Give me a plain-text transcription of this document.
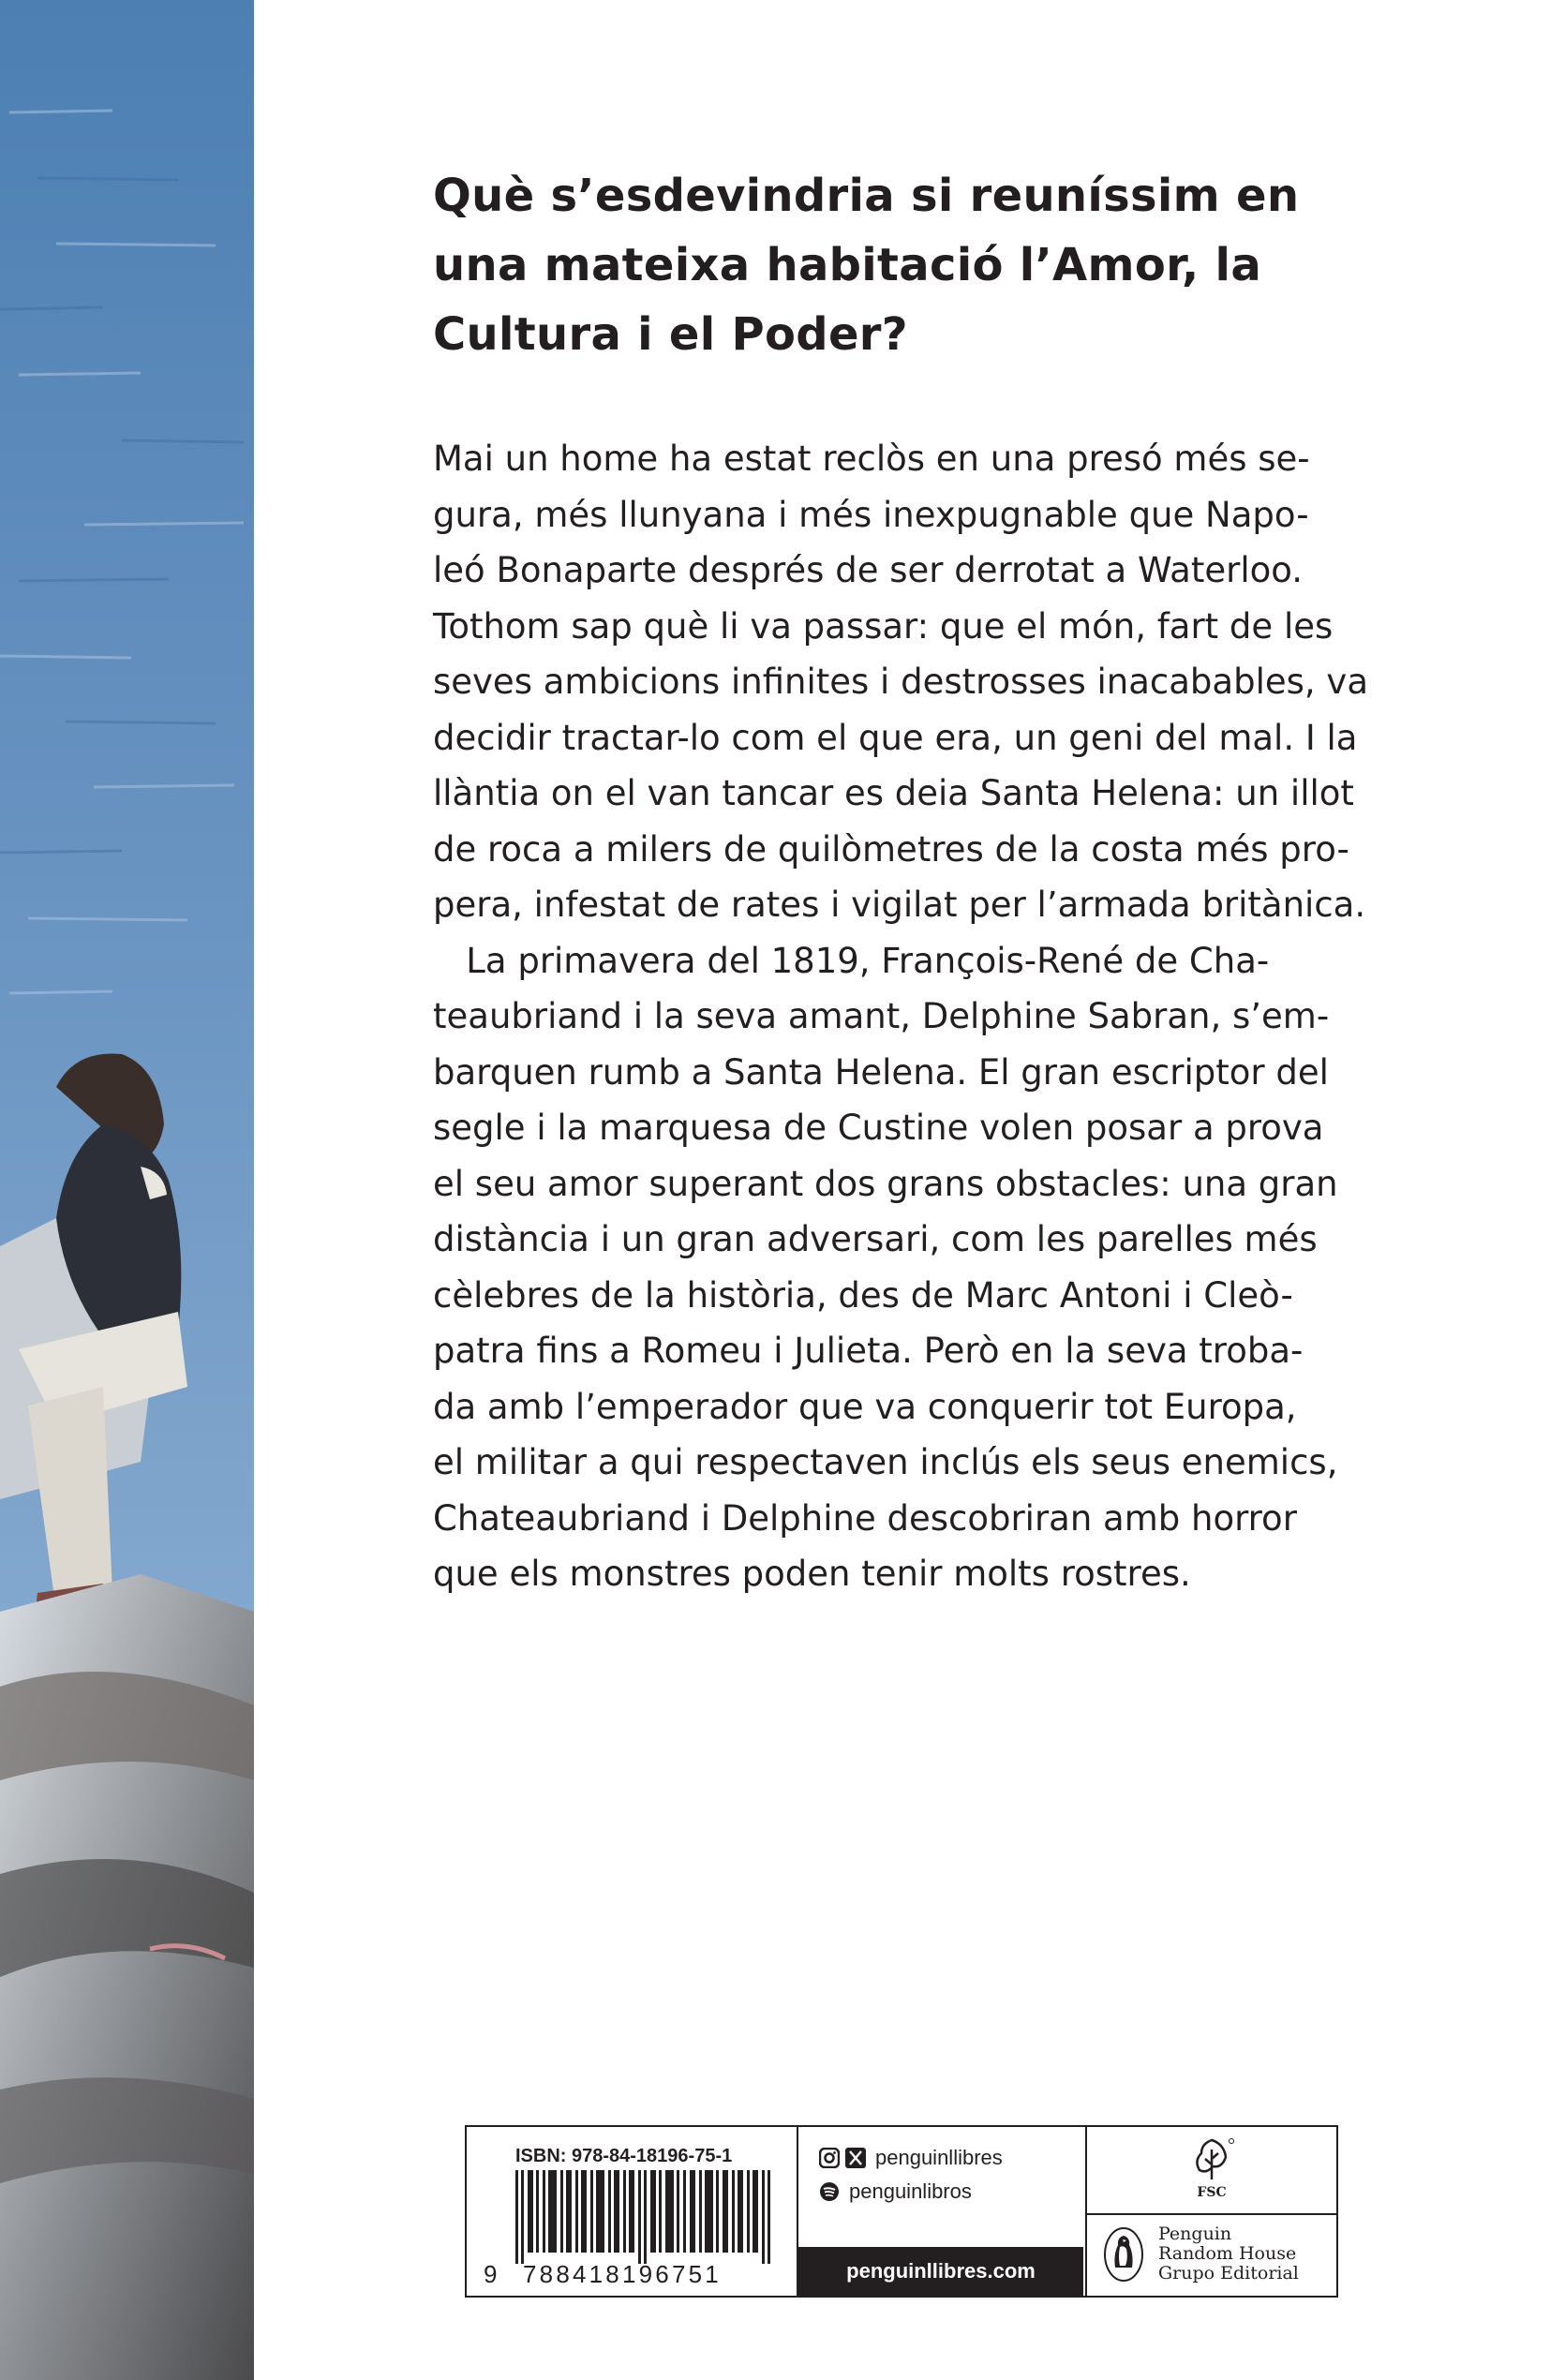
Què s’esdevindria si reuníssim en
una mateixa habitació l’Amor, la
Cultura i el Poder?
Mai un home ha estat reclòs en una presó més se-
gura, més llunyana i més inexpugnable que Napo-
leó Bonaparte després de ser derrotat a Waterloo.
Tothom sap què li va passar: que el món, fart de les
seves ambicions infinites i destrosses inacabables, va
decidir tractar-lo com el que era, un geni del mal. I la
llàntia on el van tancar es deia Santa Helena: un illot
de roca a milers de quilòmetres de la costa més pro-
pera, infestat de rates i vigilat per l’armada britànica.
La primavera del 1819, François-René de Cha-
teaubriand i la seva amant, Delphine Sabran, s’em-
barquen rumb a Santa Helena. El gran escriptor del
segle i la marquesa de Custine volen posar a prova
el seu amor superant dos grans obstacles: una gran
distància i un gran adversari, com les parelles més
cèlebres de la història, des de Marc Antoni i Cleò-
patra fins a Romeu i Julieta. Però en la seva troba-
da amb l’emperador que va conquerir tot Europa,
el militar a qui respectaven inclús els seus enemics,
Chateaubriand i Delphine descobriran amb horror
que els monstres poden tenir molts rostres.
ISBN: 978-84-18196-75-1
9 788418196751
penguinllibres
penguinlibros
penguinllibres.com
FSC
Penguin
Random House
Grupo Editorial
